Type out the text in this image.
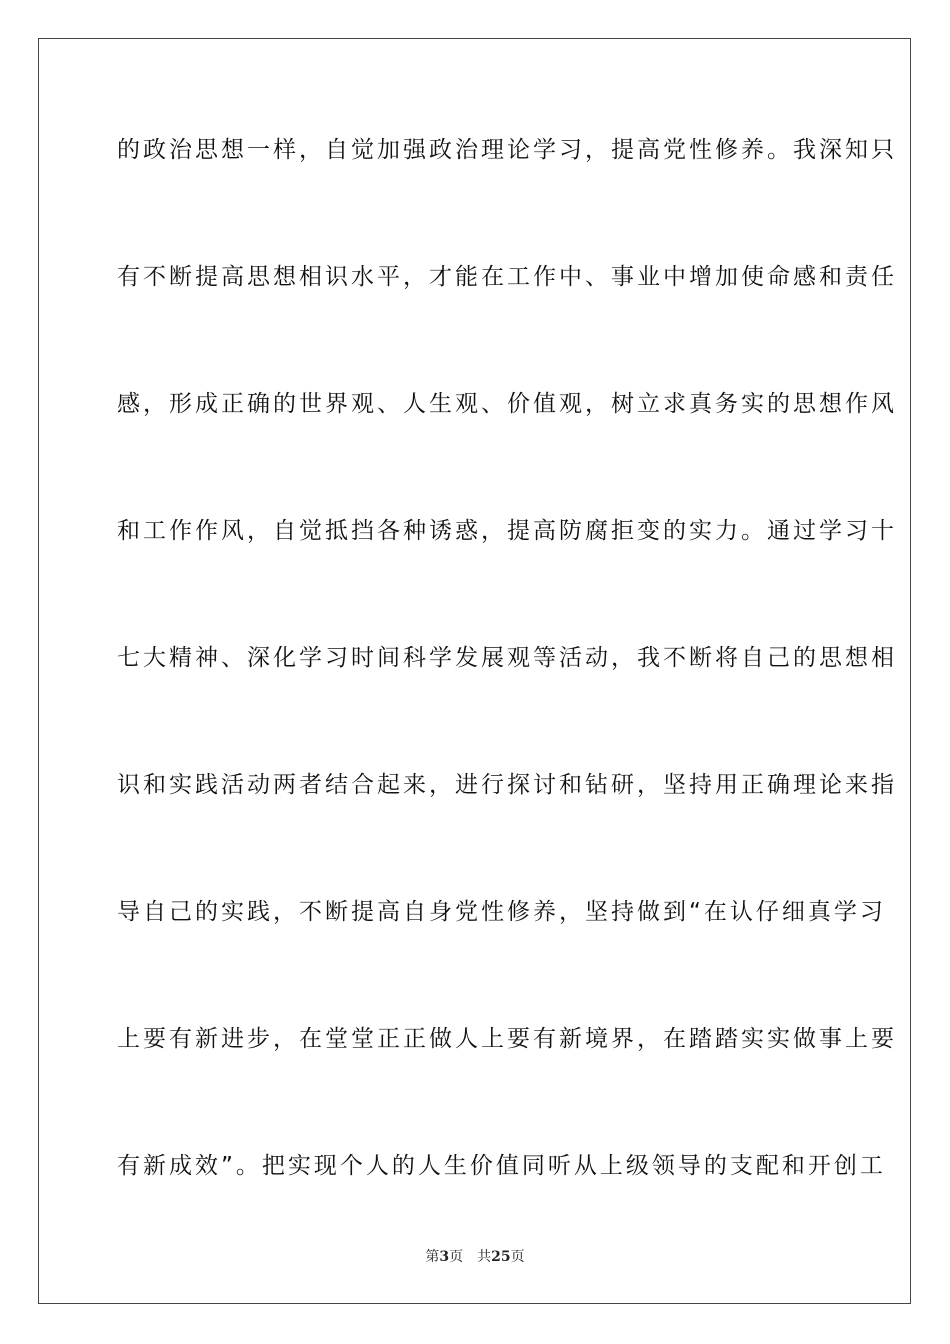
的政治思想一样，自觉加强政治理论学习，提高党性修养。我深知只
有不断提高思想相识水平，才能在工作中、事业中增加使命感和责任
感，形成正确的世界观、人生观、价值观，树立求真务实的思想作风
和工作作风，自觉抵挡各种诱惑，提高防腐拒变的实力。通过学习十
七大精神、深化学习时间科学发展观等活动，我不断将自己的思想相
识和实践活动两者结合起来，进行探讨和钻研，坚持用正确理论来指
导自己的实践，不断提高自身党性修养，坚持做到“在认仔细真学习
上要有新进步，在堂堂正正做人上要有新境界，在踏踏实实做事上要
有新成效”。把实现个人的人生价值同听从上级领导的支配和开创工
第3页 共25页
